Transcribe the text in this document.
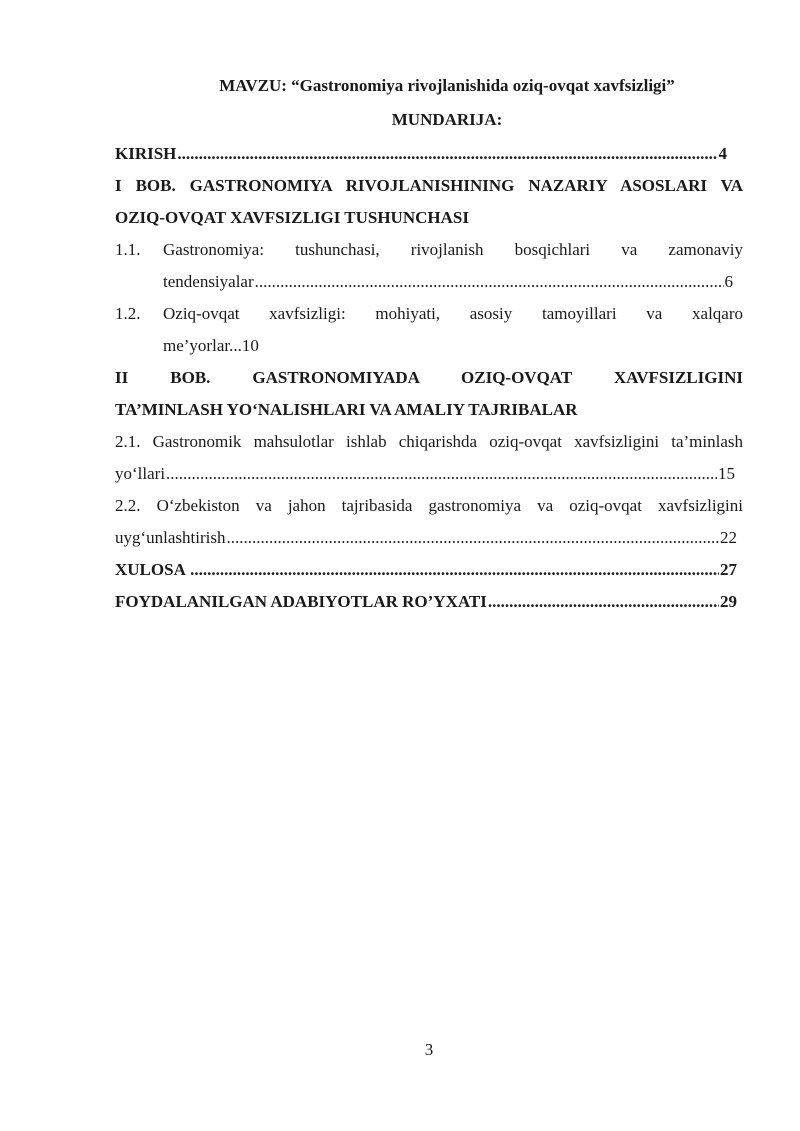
MAVZU: “Gastronomiya rivojlanishida oziq-ovqat xavfsizligi”
MUNDARIJA:
KIRISH .....	4
I BOB. GASTRONOMIYA RIVOJLANISHINING NAZARIY ASOSLARI VA
OZIQ-OVQAT XAVFSIZLIGI TUSHUNCHASI
1.1.	Gastronomiya: tushunchasi, rivojlanish bosqichlari va zamonaviy
tendensiyalar .....	6
1.2.	Oziq-ovqat xavfsizligi: mohiyati, asosiy tamoyillari va xalqaro
me’yorlar...10
II BOB. GASTRONOMIYADA OZIQ-OVQAT XAVFSIZLIGINI
TA’MINLASH YO‘NALISHLARI VA AMALIY TAJRIBALAR
2.1. Gastronomik mahsulotlar ishlab chiqarishda oziq-ovqat xavfsizligini ta’minlash
yo‘llari .....	15
2.2. O‘zbekiston va jahon tajribasida gastronomiya va oziq-ovqat xavfsizligini
uyg‘unlashtirish .....	22
XULOSA .....	27
FOYDALANILGAN ADABIYOTLAR RO’YXATI .....	29
3
